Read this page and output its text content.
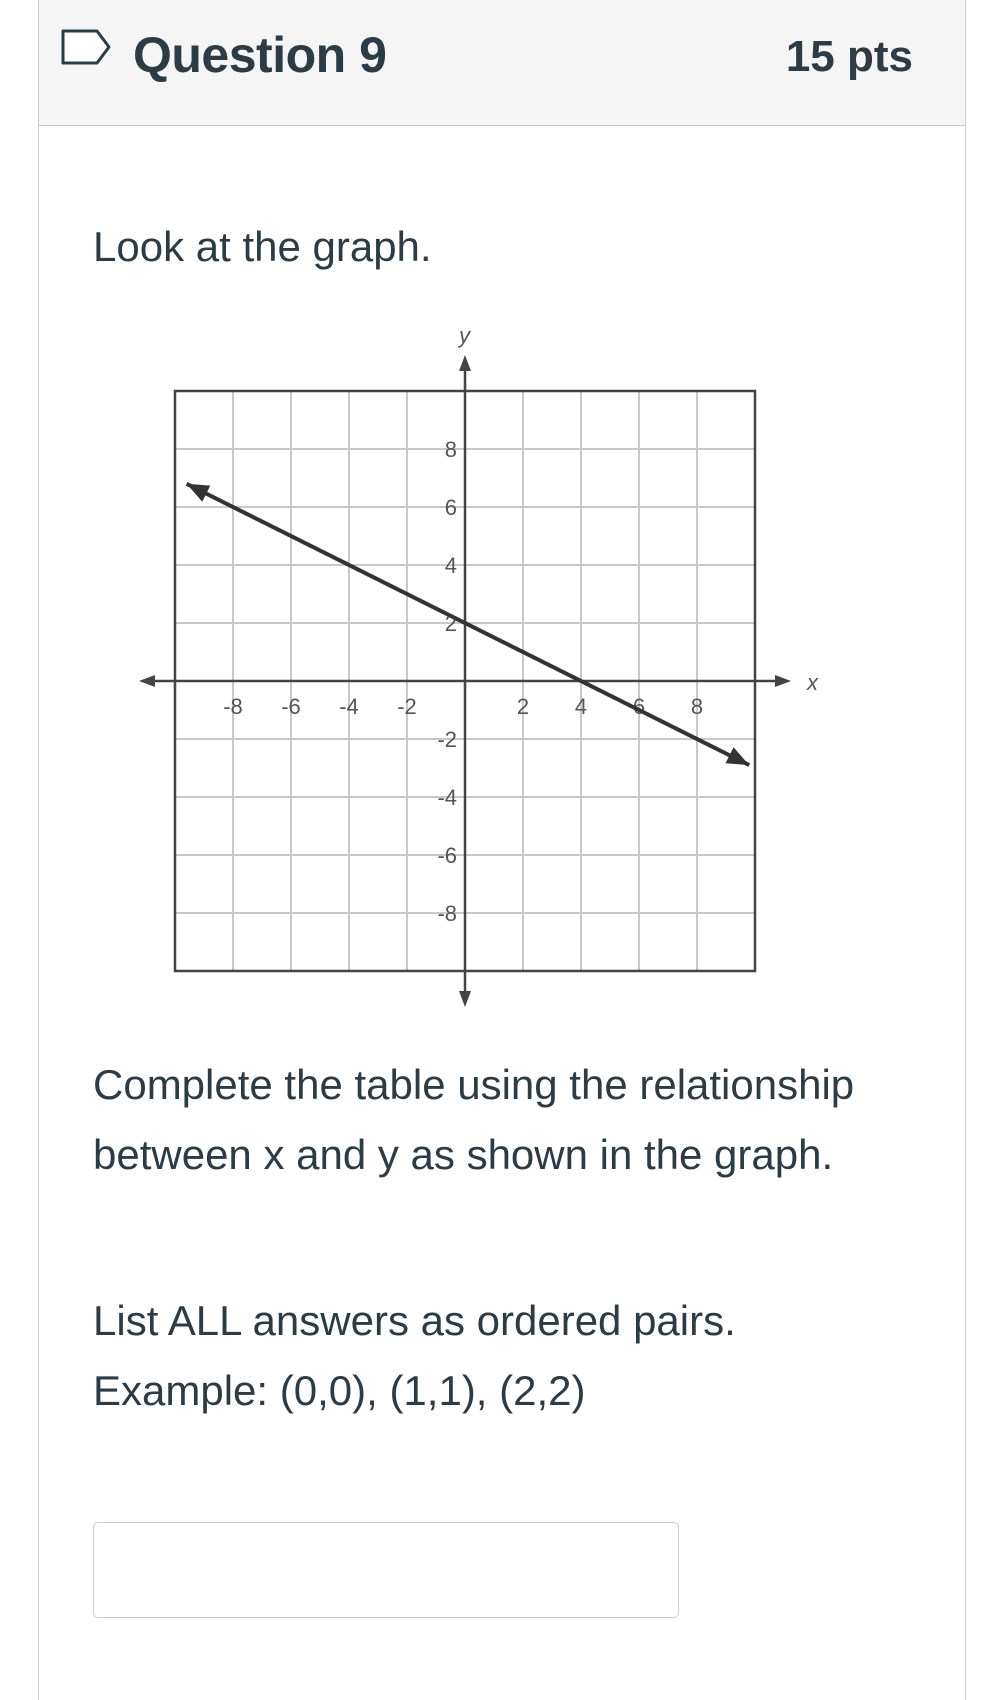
Question 9	15 pts
Look at the graph.
x
y
-8 -6 -4 -2	2 4 6 8
8
6
4
2
-2
-4
-6
-8
Complete the table using the relationship between x and y as shown in the graph.
List ALL answers as ordered pairs.
Example: (0,0), (1,1), (2,2)
